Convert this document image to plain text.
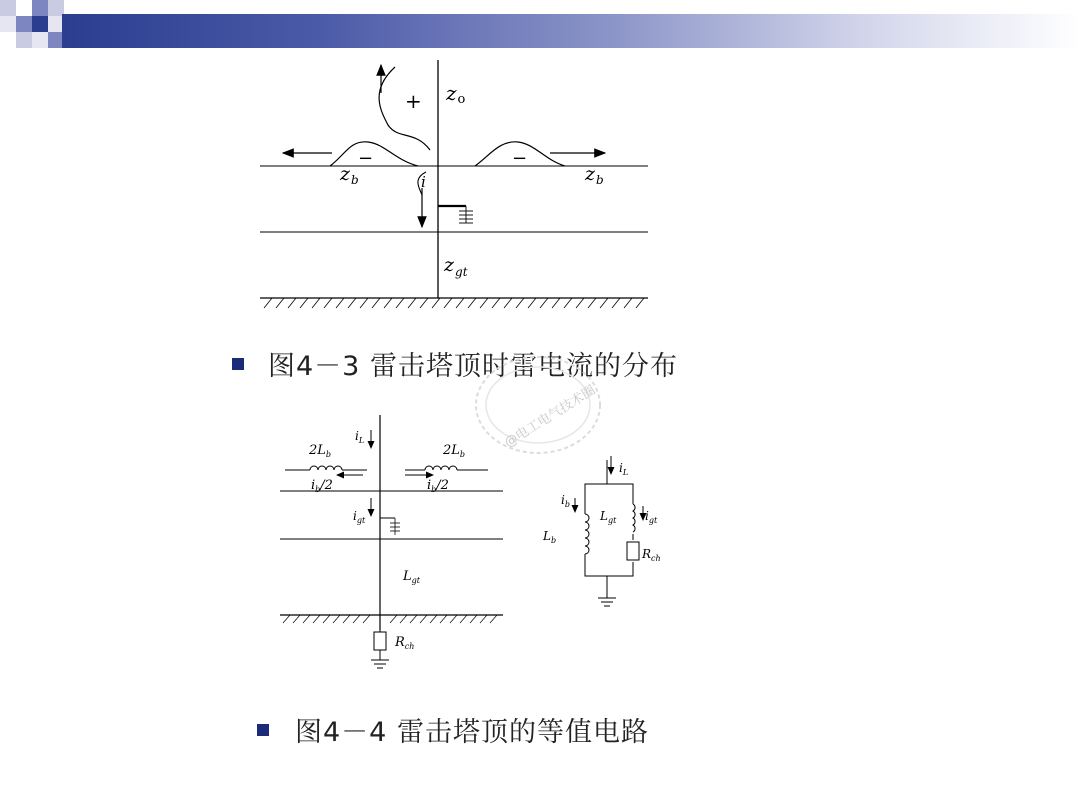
+
−	−
i
zo
$z_b$	$z_b$
$z_{gt}$
图4－3 雷击塔顶时雷电流的分布
@电工电气技术圈
$i_L$
$2L_b$	$2L_b$
$i_b/2$	$i_b/2$
$i_{gt}$
$L_{gt}$
$R_{ch}$
$i_L$
$i_b$
$L_{gt}$ $i_{gt}$
$L_b$
$R_{ch}$
图4－4 雷击塔顶的等值电路
